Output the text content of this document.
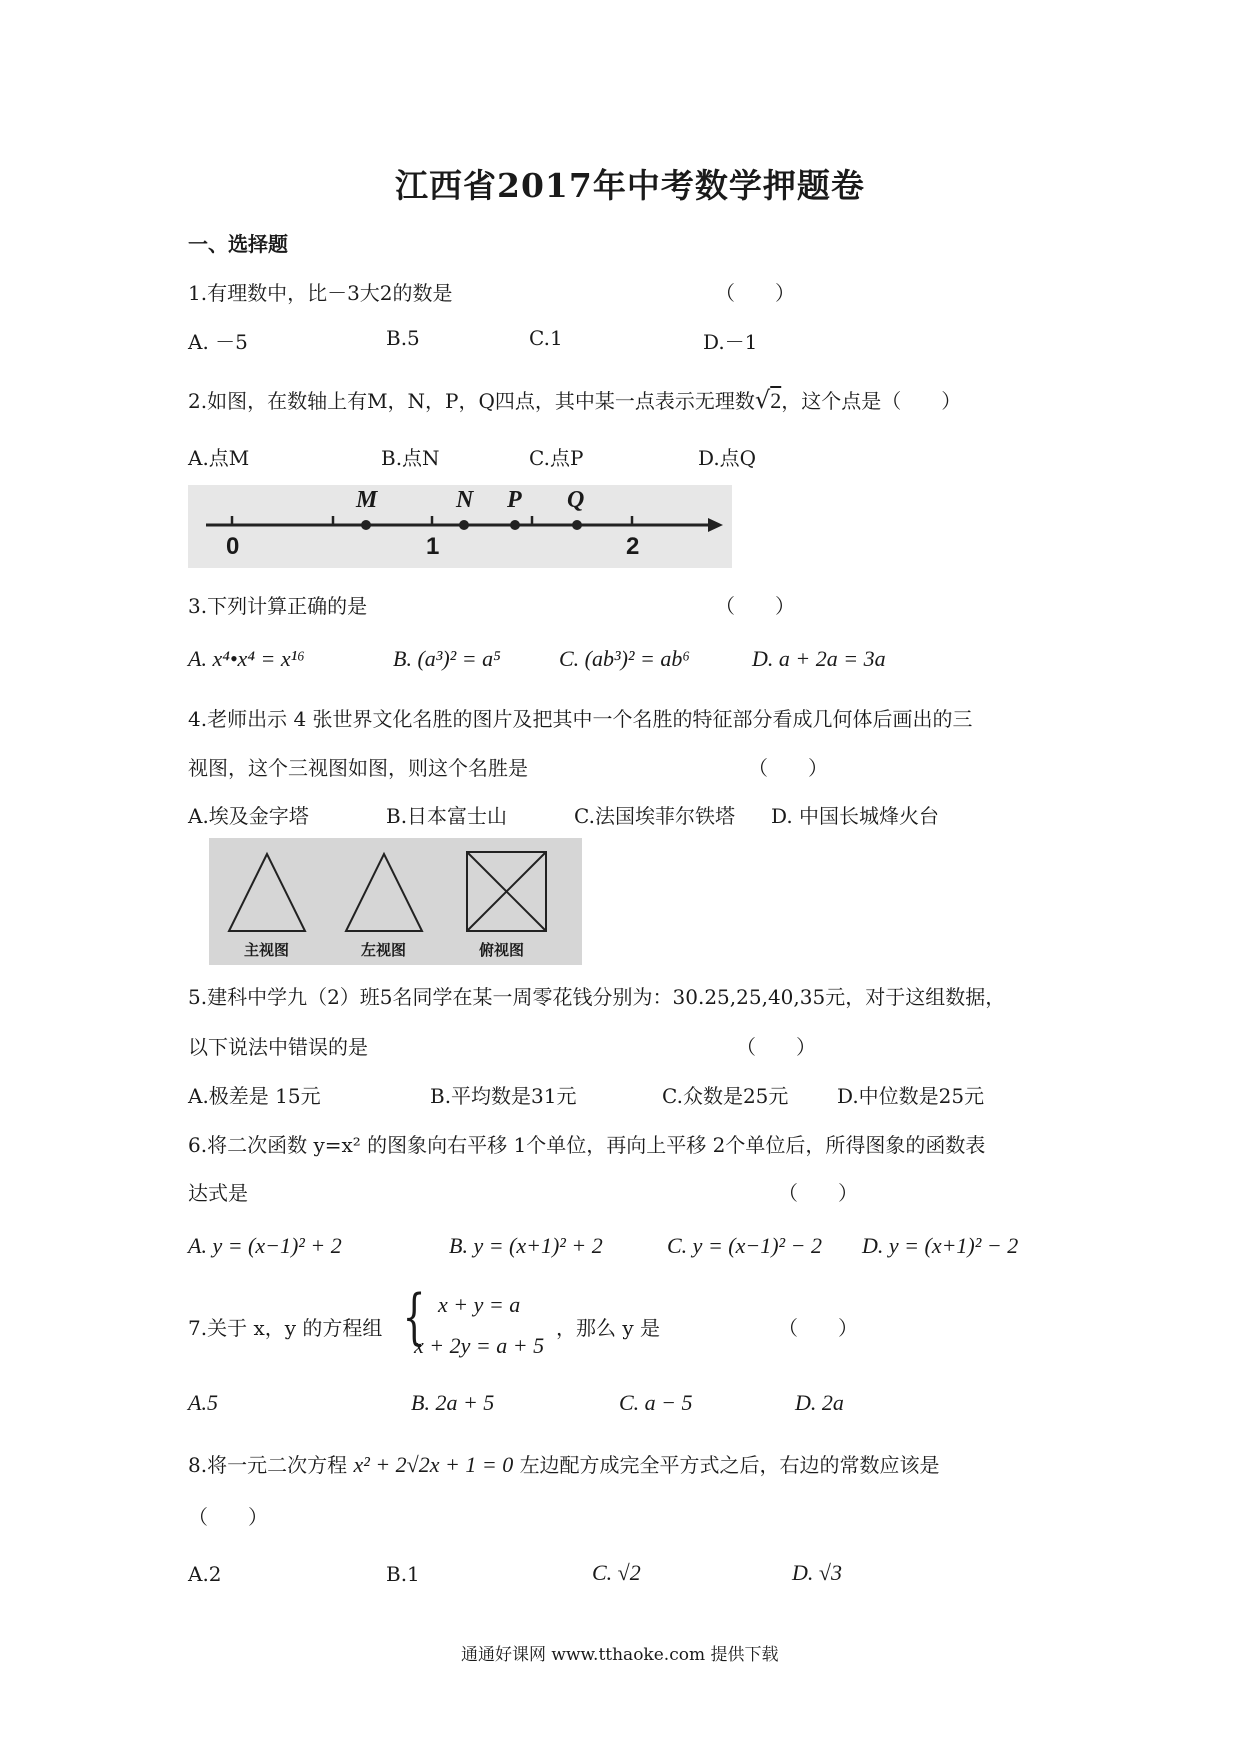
江西省2017年中考数学押题卷
一、选择题
1.有理数中，比－3大2的数是	（　　）
A. －5	B.5	C.1	D.－1
2.如图，在数轴上有M，N，P，Q四点，其中某一点表示无理数√2，这个点是（　　）
A.点M	B.点N	C.点P	D.点Q
0	1	2
M	N P Q
3.下列计算正确的是	（　　）
A. x⁴•x⁴ = x¹⁶	B. (a³)² = a⁵	C. (ab³)² = ab⁶	D. a + 2a = 3a
4.老师出示 4 张世界文化名胜的图片及把其中一个名胜的特征部分看成几何体后画出的三
视图，这个三视图如图，则这个名胜是	（　　）
A.埃及金字塔	B.日本富士山	C.法国埃菲尔铁塔 D. 中国长城烽火台
主视图	左视图	俯视图
5.建科中学九（2）班5名同学在某一周零花钱分别为：30.25,25,40,35元，对于这组数据，
以下说法中错误的是	（　　）
A.极差是 15元	B.平均数是31元	C.众数是25元 D.中位数是25元
6.将二次函数 y=x² 的图象向右平移 1个单位，再向上平移 2个单位后，所得图象的函数表
达式是	（　　）
A. y = (x−1)² + 2	B. y = (x+1)² + 2	C. y = (x−1)² − 2 D. y = (x+1)² − 2
7.关于 x，y 的方程组 { x + y = a
x + 2y = a + 5
，那么 y 是	（　　）
A.5	B. 2a + 5	C. a − 5	D. 2a
8.将一元二次方程 x² + 2√2x + 1 = 0 左边配方成完全平方式之后，右边的常数应该是
（　　）
A.2	B.1	C. √2	D. √3
通通好课网 www.tthaoke.com 提供下载
